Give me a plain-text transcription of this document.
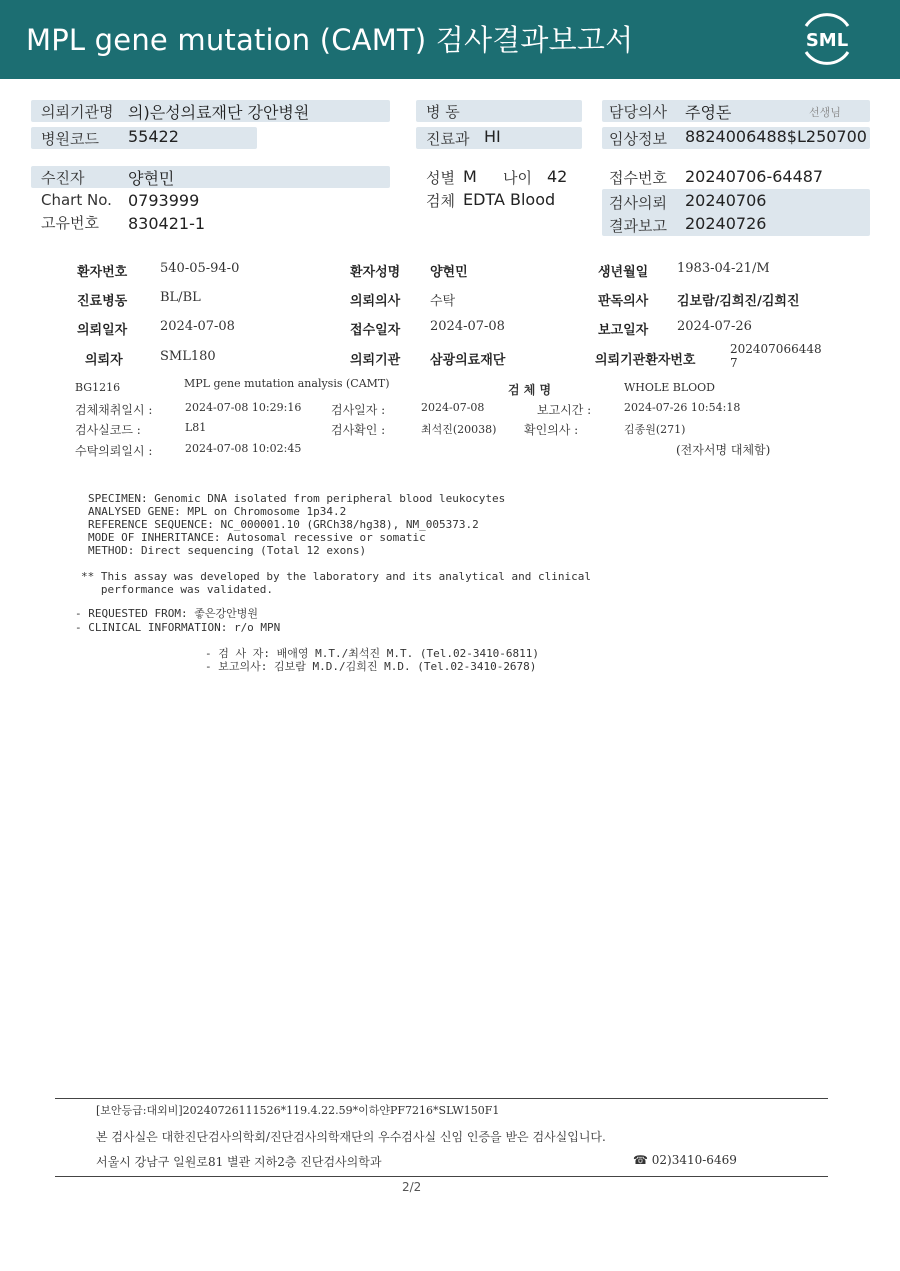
MPL gene mutation (CAMT) 검사결과보고서	SML
의뢰기관명 의)은성의료재단 강안병원
병원코드 55422
병 동
진료과 HI
담당의사 주영돈	선생님
임상정보 8824006488$L250700
수진자	양현민
Chart No. 0793999
고유번호 830421-1
성별 M 나이 42
검체 EDTA Blood
접수번호 20240706-64487
검사의뢰 20240706
결과보고 20240726
환자번호	540-05-94-0	환자성명 양현민	생년월일 1983-04-21/M
진료병동	BL/BL	의뢰의사 수탁	판독의사 김보람/김희진/김희진
의뢰일자	2024-07-08	접수일자 2024-07-08	보고일자 2024-07-26
의뢰자	SML180	의뢰기관 삼광의료재단	의뢰기관환자번호
202407066448
7
BG1216	MPL gene mutation analysis (CAMT)	검 체 명	WHOLE BLOOD
검체채취일시 :	2024-07-08 10:29:16 검사일자 :	2024-07-08	보고시간 :	2024-07-26 10:54:18
검사실코드 :	L81	검사확인 :	최석진(20038) 확인의사 :	김종원(271)
수탁의뢰일시 :	2024-07-08 10:02:45	(전자서명 대체함)
SPECIMEN: Genomic DNA isolated from peripheral blood leukocytes
ANALYSED GENE: MPL on Chromosome 1p34.2
REFERENCE SEQUENCE: NC_000001.10 (GRCh38/hg38), NM_005373.2
MODE OF INHERITANCE: Autosomal recessive or somatic
METHOD: Direct sequencing (Total 12 exons)
** This assay was developed by the laboratory and its analytical and clinical
performance was validated.
- REQUESTED FROM: 좋은강안병원
- CLINICAL INFORMATION: r/o MPN
- 검 사 자: 배애영 M.T./최석진 M.T. (Tel.02-3410-6811)
- 보고의사: 김보람 M.D./김희진 M.D. (Tel.02-3410-2678)
[보안등급:대외비]20240726111526*119.4.22.59*이하얀PF7216*SLW150F1
본 검사실은 대한진단검사의학회/진단검사의학재단의 우수검사실 신임 인증을 받은 검사실입니다.
서울시 강남구 일원로81 별관 지하2층 진단검사의학과	☎ 02)3410-6469
2/2
